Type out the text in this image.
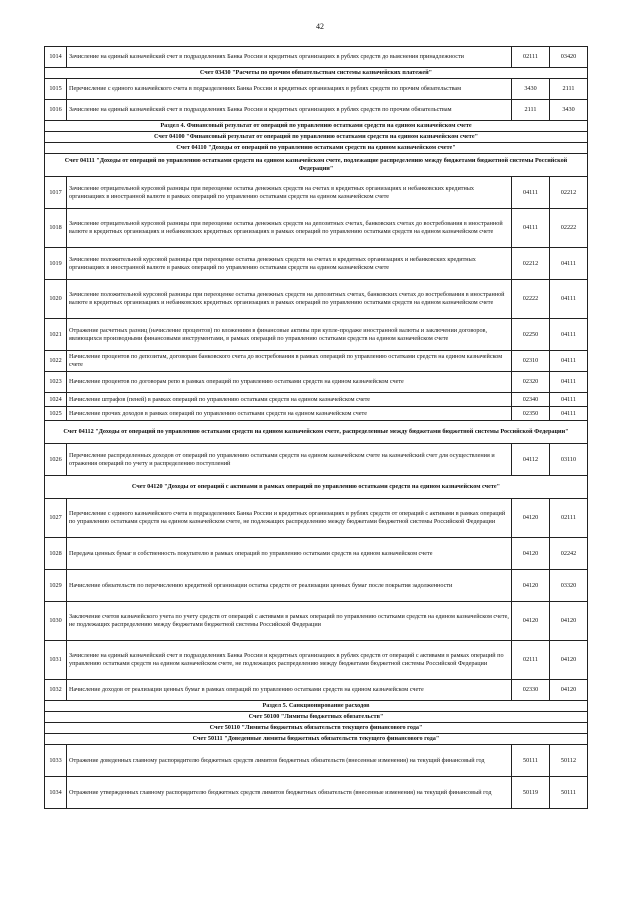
42
1014	Зачисление на единый казначейский счет в подразделениях Банка России и кредитных организациях в рублях средств до выяснения принадлежности	02111	03420
Счет 03430 "Расчеты по прочим обязательствам системы казначейских платежей"			
1015	Перечисление с единого казначейского счета в подразделениях Банка России и кредитных организациях в рублях средств по прочим обязательствам	3430	2111
1016	Зачисление на единый казначейский счет в подразделениях Банка России и кредитных организациях в рублях средств по прочим обязательствам	2111	3430
Раздел 4. Финансовый результат от операций по управлению остатками средств на едином казначейском счете			
Счет 04100 "Финансовый результат от операций по управлению остатками средств на едином казначейском счете"			
Счет 04110 "Доходы от операций по управлению остатками средств на едином казначейском счете"			
Счет 04111 "Доходы от операций по управлению остатками средств на едином казначейском счете, подлежащие распределению между бюджетами бюджетной системы Российской Федерации"			
1017	Зачисление отрицательной курсовой разницы при переоценке остатка денежных средств на счетах в кредитных организациях и небанковских кредитных организациях в иностранной валюте в рамках операций по управлению остатками средств на едином казначейском счете	04111	02212
1018	Зачисление отрицательной курсовой разницы при переоценке остатка денежных средств на депозитных счетах, банковских счетах до востребования в иностранной валюте в кредитных организациях и небанковских кредитных организациях в рамках операций по управлению остатками средств на едином казначейском счете	04111	02222
1019	Зачисление положительной курсовой разницы при переоценке остатка денежных средств на счетах в кредитных организациях и небанковских кредитных организациях в иностранной валюте в рамках операций по управлению остатками средств на едином казначейском счете	02212	04111
1020	Зачисление положительной курсовой разницы при переоценке остатка денежных средств на депозитных счетах, банковских счетах до востребования в иностранной валюте в кредитных организациях и небанковских кредитных организациях в рамках операций по управлению остатками средств на едином казначейском счете	02222	04111
1021	Отражение расчетных разниц (начисление процентов) по вложениям в финансовые активы при купле-продаже иностранной валюты и заключении договоров, являющихся производными финансовыми инструментами, в рамках операций по управлению остатками средств на едином казначейском счете	02250	04111
1022	Начисление процентов по депозитам, договорам банковского счета до востребования в рамках операций по управлению остатками средств на едином казначейском счете	02310	04111
1023	Начисление процентов по договорам репо в рамках операций по управлению остатками средств на едином казначейском счете	02320	04111
1024	Начисление штрафов (пеней) в рамках операций по управлению остатками средств на едином казначейском счете	02340	04111
1025	Начисление прочих доходов в рамках операций по управлению остатками средств на едином казначейском счете	02350	04111
Счет 04112 "Доходы от операций по управлению остатками средств на едином казначейском счете, распределенные между бюджетами бюджетной системы Российской Федерации"			
1026	Перечисление распределенных доходов от операций по управлению остатками средств на едином казначейском счете на казначейский счет для осуществления и отражения операций по учету и распределению поступлений	04112	03110
Счет 04120 "Доходы от операций с активами в рамках операций по управлению остатками средств на едином казначейском счете"			
1027	Перечисление с единого казначейского счета в подразделениях Банка России и кредитных организациях в рублях средств от операций с активами в рамках операций по управлению остатками средств на едином казначейском счете, не подлежащих распределению между бюджетами бюджетной системы Российской Федерации	04120	02111
1028	Передача ценных бумаг в собственность покупателю в рамках операций по управлению остатками средств на едином казначейском счете	04120	02242
1029	Начисление обязательств по перечислению кредитной организации остатка средств от реализации ценных бумаг после покрытия задолженности	04120	03320
1030	Заключение счетов казначейского учета по учету средств от операций с активами в рамках операций по управлению остатками средств на едином казначейском счете, не подлежащих распределению между бюджетами бюджетной системы Российской Федерации	04120	04120
1031	Зачисление на единый казначейский счет в подразделениях Банка России и кредитных организациях в рублях средств от операций с активами в рамках операций по управлению остатками средств на едином казначейском счете, не подлежащих распределению между бюджетами бюджетной системы Российской Федерации	02111	04120
1032	Начисление доходов от реализации ценных бумаг в рамках операций по управлению остатками средств на едином казначейском счете	02330	04120
Раздел 5. Санкционирование расходов			
Счет 50100 "Лимиты бюджетных обязательств"			
Счет 50110 "Лимиты бюджетных обязательств текущего финансового года"			
Счет 50111 "Доведенные лимиты бюджетных обязательств текущего финансового года"			
1033	Отражение доведенных главному распорядителю бюджетных средств лимитов бюджетных обязательств (внесенные изменения) на текущий финансовый год	50111	50112
1034	Отражение утвержденных главному распорядителю бюджетных средств лимитов бюджетных обязательств (внесенные изменения) на текущий финансовый год	50119	50111
